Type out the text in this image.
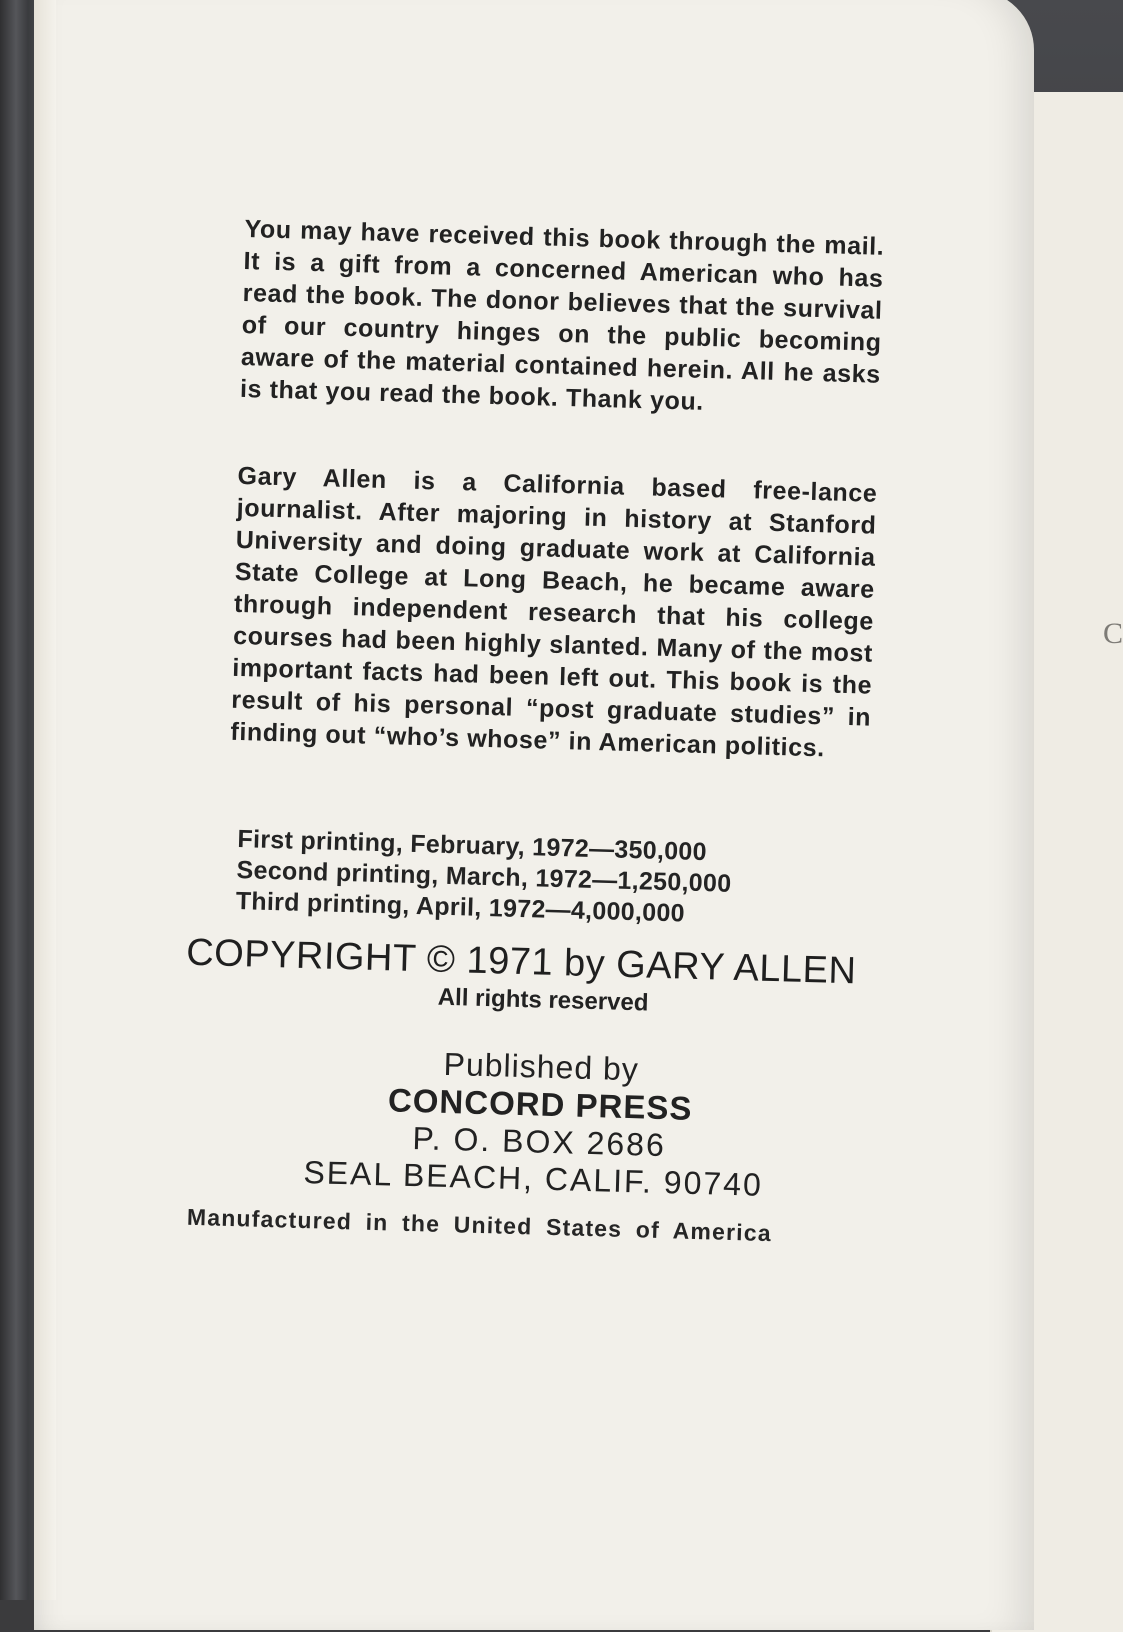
C

You may have received this book through the mail. It is a gift from a concerned American who has read the book. The donor believes that the survival of our country hinges on the public becoming aware of the material contained herein. All he asks is that you read the book. Thank you.

Gary Allen is a California based free-lance journalist. After majoring in history at Stanford University and doing graduate work at California State College at Long Beach, he became aware through independent research that his college courses had been highly slanted. Many of the most important facts had been left out. This book is the result of his personal “post graduate studies” in finding out “who’s whose” in American politics.

First printing, February, 1972—350,000
Second printing, March, 1972—1,250,000
Third printing, April, 1972—4,000,000
COPYRIGHT © 1971 by GARY ALLEN
All rights reserved
Published by
CONCORD PRESS
P. O. BOX 2686
SEAL BEACH, CALIF. 90740
Manufactured in the United States of America
